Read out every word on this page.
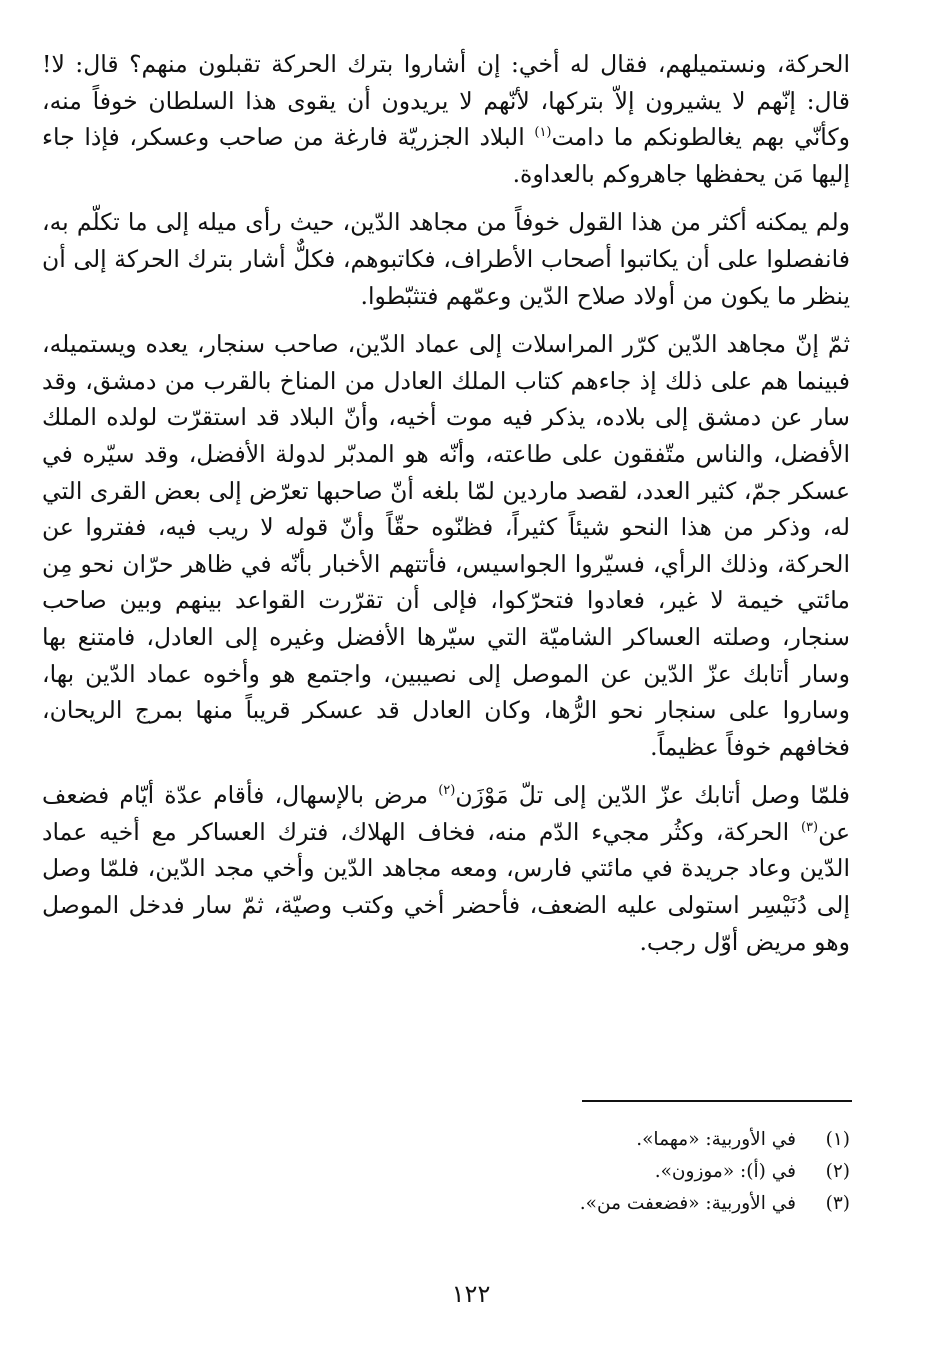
الحركة، ونستميلهم، فقال له أخي: إن أشاروا بترك الحركة تقبلون منهم؟ قال: لا! قال: إنّهم لا يشيرون إلاّ بتركها، لأنّهم لا يريدون أن يقوى هذا السلطان خوفاً منه، وكأنّي بهم يغالطونكم ما دامت$^{(١)}$ البلاد الجزريّة فارغة من صاحب وعسكر، فإذا جاء إليها مَن يحفظها جاهروكم بالعداوة.

ولم يمكنه أكثر من هذا القول خوفاً من مجاهد الدّين، حيث رأى ميله إلى ما تكلّم به، فانفصلوا على أن يكاتبوا أصحاب الأطراف، فكاتبوهم، فكلٌّ أشار بترك الحركة إلى أن ينظر ما يكون من أولاد صلاح الدّين وعمّهم فتثبّطوا.

ثمّ إنّ مجاهد الدّين كرّر المراسلات إلى عماد الدّين، صاحب سنجار، يعده ويستميله، فبينما هم على ذلك إذ جاءهم كتاب الملك العادل من المناخ بالقرب من دمشق، وقد سار عن دمشق إلى بلاده، يذكر فيه موت أخيه، وأنّ البلاد قد استقرّت لولده الملك الأفضل، والناس متّفقون على طاعته، وأنّه هو المدبّر لدولة الأفضل، وقد سيّره في عسكر جمّ، كثير العدد، لقصد ماردين لمّا بلغه أنّ صاحبها تعرّض إلى بعض القرى التي له، وذكر من هذا النحو شيئاً كثيراً، فظنّوه حقّاً وأنّ قوله لا ريب فيه، ففتروا عن الحركة، وذلك الرأي، فسيّروا الجواسيس، فأتتهم الأخبار بأنّه في ظاهر حرّان نحو مِن مائتي خيمة لا غير، فعادوا فتحرّكوا، فإلى أن تقرّرت القواعد بينهم وبين صاحب سنجار، وصلته العساكر الشاميّة التي سيّرها الأفضل وغيره إلى العادل، فامتنع بها وسار أتابك عزّ الدّين عن الموصل إلى نصيبين، واجتمع هو وأخوه عماد الدّين بها، وساروا على سنجار نحو الرُّها، وكان العادل قد عسكر قريباً منها بمرج الريحان، فخافهم خوفاً عظيماً.

فلمّا وصل أتابك عزّ الدّين إلى تلّ مَوْزَن$^{(٢)}$ مرض بالإسهال، فأقام عدّة أيّام فضعف عن$^{(٣)}$ الحركة، وكثُر مجيء الدّم منه، فخاف الهلاك، فترك العساكر مع أخيه عماد الدّين وعاد جريدة في مائتي فارس، ومعه مجاهد الدّين وأخي مجد الدّين، فلمّا وصل إلى دُنَيْسِر استولى عليه الضعف، فأحضر أخي وكتب وصيّة، ثمّ سار فدخل الموصل وهو مريض أوّل رجب.

(١)
في الأوربية: «مهما».
(٢)
في (أ): «موزون».
(٣)
في الأوربية: «فضعفت من».
١٢٢
